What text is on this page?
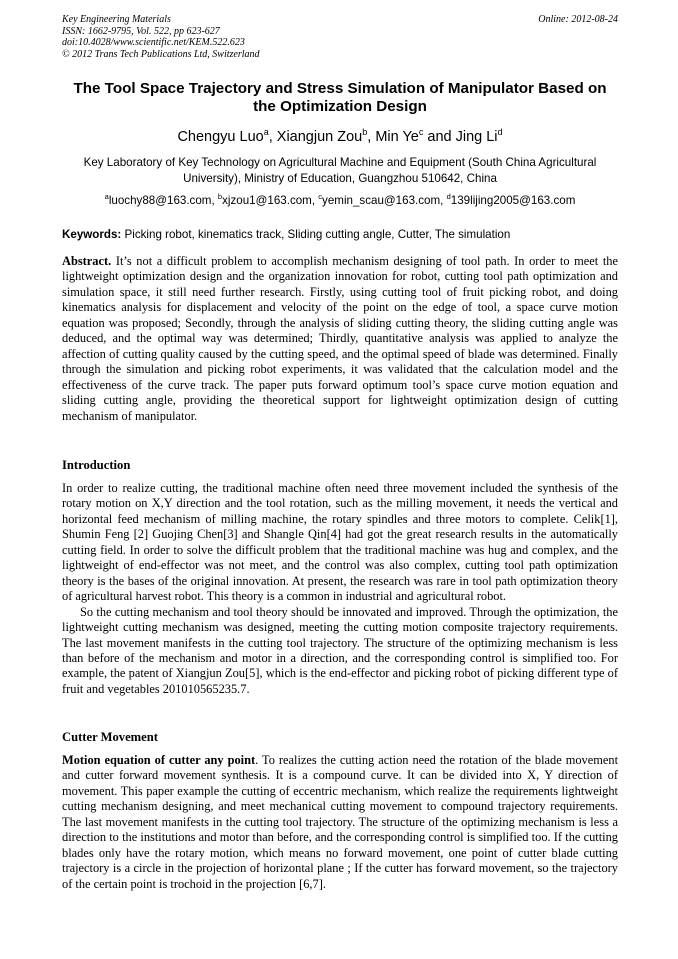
Key Engineering Materials
ISSN: 1662-9795, Vol. 522, pp 623-627
doi:10.4028/www.scientific.net/KEM.522.623
© 2012 Trans Tech Publications Ltd, Switzerland
Online: 2012-08-24
The Tool Space Trajectory and Stress Simulation of Manipulator Based on the Optimization Design
Chengyu Luo$^a$, Xiangjun Zou$^b$, Min Ye$^c$ and Jing Li$^d$
Key Laboratory of Key Technology on Agricultural Machine and Equipment (South China Agricultural University), Ministry of Education, Guangzhou 510642, China
$^a$luochy88@163.com, $^b$xjzou1@163.com, $^c$yemin_scau@163.com, $^d$139lijing2005@163.com
Keywords: Picking robot, kinematics track, Sliding cutting angle, Cutter, The simulation
Abstract. It’s not a difficult problem to accomplish mechanism designing of tool path. In order to meet the lightweight optimization design and the organization innovation for robot, cutting tool path optimization and simulation space, it still need further research. Firstly, using cutting tool of fruit picking robot, and doing kinematics analysis for displacement and velocity of the point on the edge of tool, a space curve motion equation was proposed; Secondly, through the analysis of sliding cutting theory, the sliding cutting angle was deduced, and the optimal way was determined; Thirdly, quantitative analysis was applied to analyze the affection of cutting quality caused by the cutting speed, and the optimal speed of blade was determined. Finally through the simulation and picking robot experiments, it was validated that the calculation model and the effectiveness of the curve track. The paper puts forward optimum tool’s space curve motion equation and sliding cutting angle, providing the theoretical support for lightweight optimization design of cutting mechanism of manipulator.
Introduction
In order to realize cutting, the traditional machine often need three movement included the synthesis of the rotary motion on X,Y direction and the tool rotation, such as the milling movement, it needs the vertical and horizontal feed mechanism of milling machine, the rotary spindles and three motors to complete. Celik[1], Shumin Feng [2] Guojing Chen[3] and Shangle Qin[4] had got the great research results in the automatically cutting field. In order to solve the difficult problem that the traditional machine was hug and complex, and the lightweight of end-effector was not meet, and the control was also complex, cutting tool path optimization theory is the bases of the original innovation. At present, the research was rare in tool path optimization theory of agricultural harvest robot. This theory is a common in industrial and agricultural robot.
So the cutting mechanism and tool theory should be innovated and improved. Through the optimization, the lightweight cutting mechanism was designed, meeting the cutting motion composite trajectory requirements. The last movement manifests in the cutting tool trajectory. The structure of the optimizing mechanism is less than before of the mechanism and motor in a direction, and the corresponding control is simplified too. For example, the patent of Xiangjun Zou[5], which is the end-effector and picking robot of picking different type of fruit and vegetables 201010565235.7.
Cutter Movement
Motion equation of cutter any point. To realizes the cutting action need the rotation of the blade movement and cutter forward movement synthesis. It is a compound curve. It can be divided into X, Y direction of movement. This paper example the cutting of eccentric mechanism, which realize the requirements lightweight cutting mechanism designing, and meet mechanical cutting movement to compound trajectory requirements. The last movement manifests in the cutting tool trajectory. The structure of the optimizing mechanism is less a direction to the institutions and motor than before, and the corresponding control is simplified too. If the cutting blades only have the rotary motion, which means no forward movement, one point of cutter blade cutting trajectory is a circle in the projection of horizontal plane ; If the cutter has forward movement, so the trajectory of the certain point is trochoid in the projection [6,7].
